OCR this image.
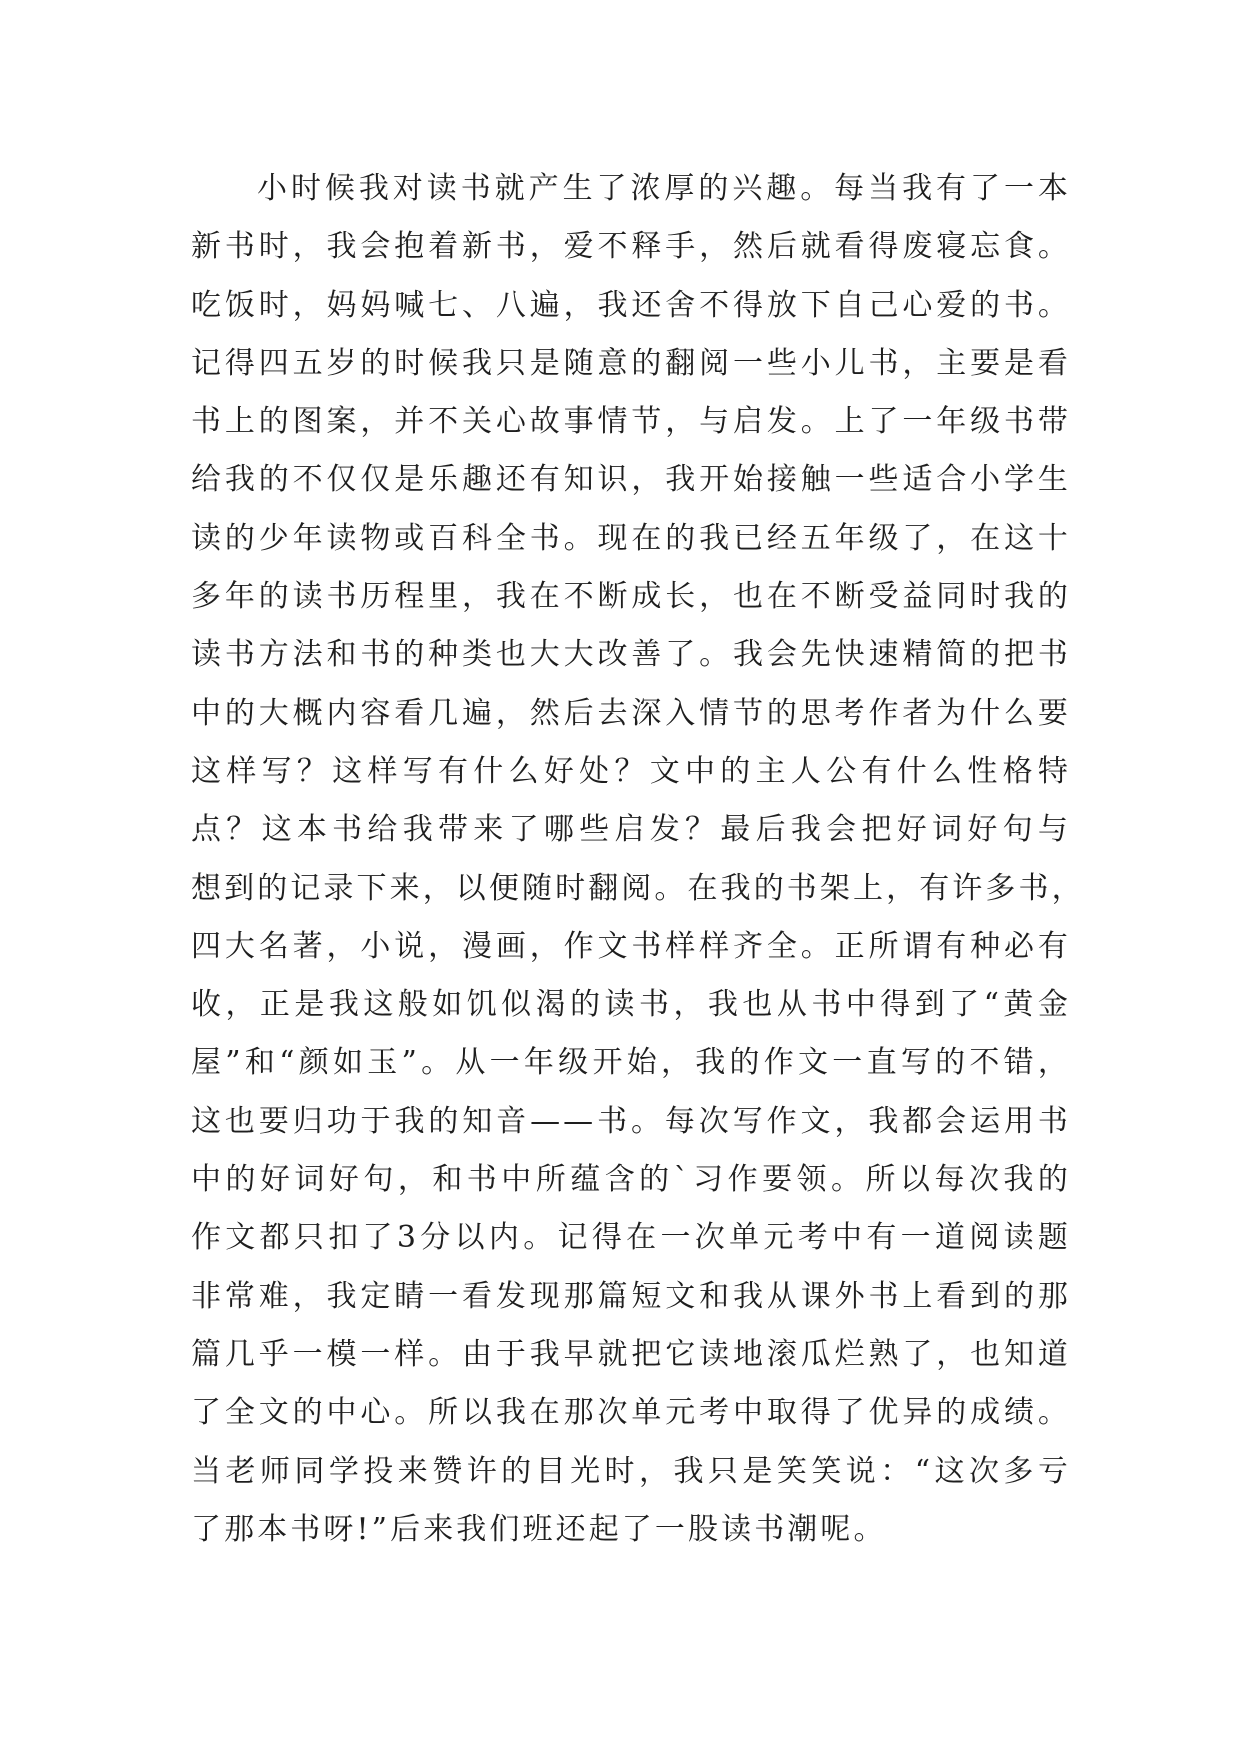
小时候我对读书就产生了浓厚的兴趣。每当我有了一本
新书时，我会抱着新书，爱不释手，然后就看得废寝忘食。
吃饭时，妈妈喊七、八遍，我还舍不得放下自己心爱的书。
记得四五岁的时候我只是随意的翻阅一些小儿书，主要是看
书上的图案，并不关心故事情节，与启发。上了一年级书带
给我的不仅仅是乐趣还有知识，我开始接触一些适合小学生
读的少年读物或百科全书。现在的我已经五年级了，在这十
多年的读书历程里，我在不断成长，也在不断受益同时我的
读书方法和书的种类也大大改善了。我会先快速精简的把书
中的大概内容看几遍，然后去深入情节的思考作者为什么要
这样写？这样写有什么好处？文中的主人公有什么性格特
点？这本书给我带来了哪些启发？最后我会把好词好句与
想到的记录下来，以便随时翻阅。在我的书架上，有许多书，
四大名著，小说，漫画，作文书样样齐全。正所谓有种必有
收，正是我这般如饥似渴的读书，我也从书中得到了“黄金
屋”和“颜如玉”。从一年级开始，我的作文一直写的不错，
这也要归功于我的知音——书。每次写作文，我都会运用书
中的好词好句，和书中所蕴含的`习作要领。所以每次我的
作文都只扣了3分以内。记得在一次单元考中有一道阅读题
非常难，我定睛一看发现那篇短文和我从课外书上看到的那
篇几乎一模一样。由于我早就把它读地滚瓜烂熟了，也知道
了全文的中心。所以我在那次单元考中取得了优异的成绩。
当老师同学投来赞许的目光时，我只是笑笑说：“这次多亏
了那本书呀!”后来我们班还起了一股读书潮呢。
